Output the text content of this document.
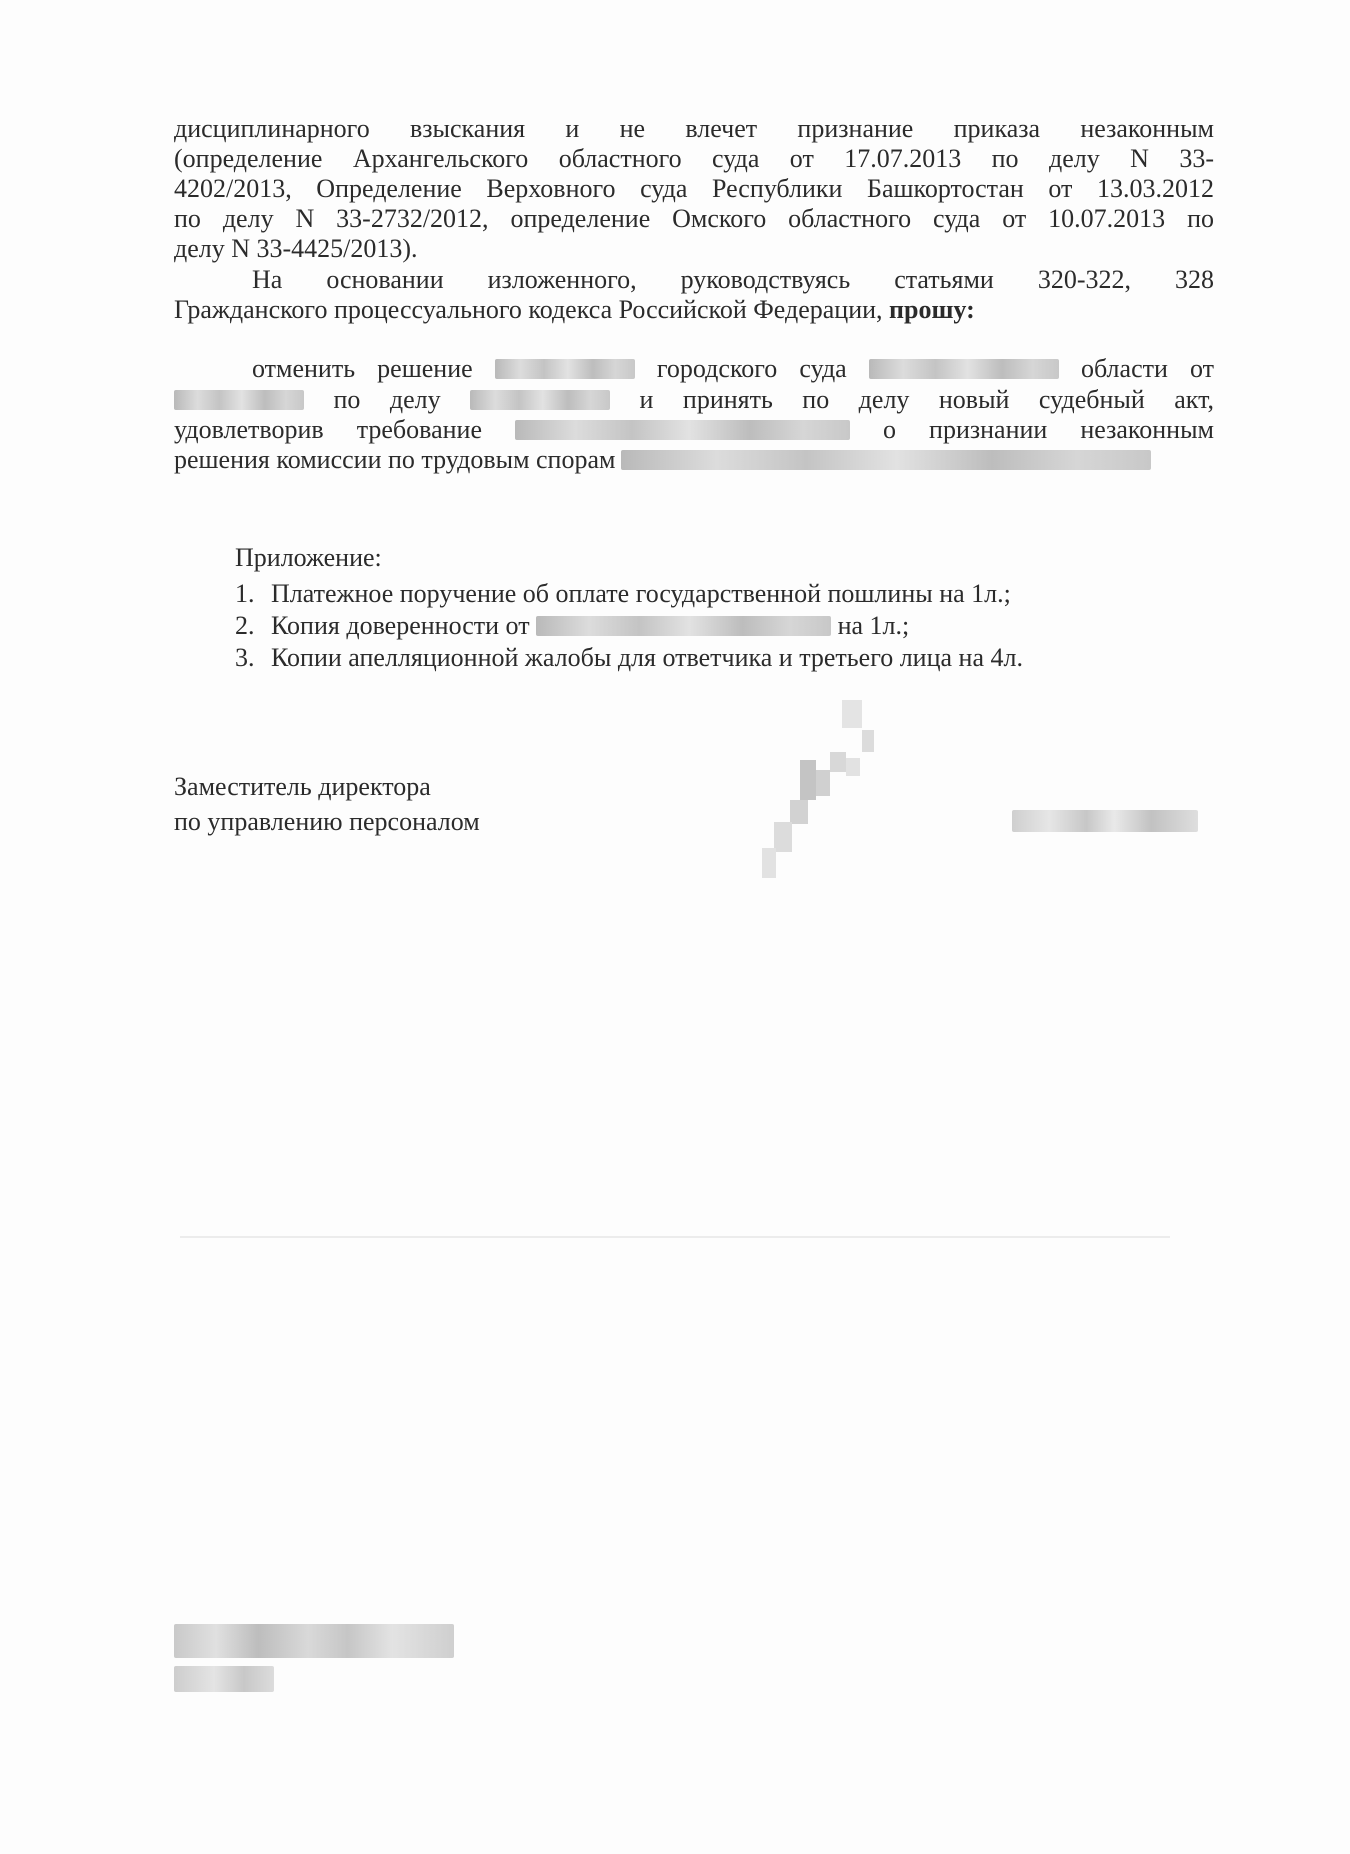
дисциплинарного взыскания и не влечет признание приказа незаконным
(определение Архангельского областного суда от 17.07.2013 по делу N 33-
4202/2013, Определение Верховного суда Республики Башкортостан от 13.03.2012
по делу N 33-2732/2012, определение Омского областного суда от 10.07.2013 по
делу N 33-4425/2013).
На основании изложенного, руководствуясь статьями 320-322, 328
Гражданского процессуального кодекса Российской Федерации, прошу:
отменить решение	городского суда	области от
по делу	и принять по делу новый судебный акт,
удовлетворив требование	о признании незаконным
решения комиссии по трудовым спорам
Приложение:
1. Платежное поручение об оплате государственной пошлины на 1л.;
2. Копия доверенности от	на 1л.;
3. Копии апелляционной жалобы для ответчика и третьего лица на 4л.
Заместитель директора
по управлению персоналом
